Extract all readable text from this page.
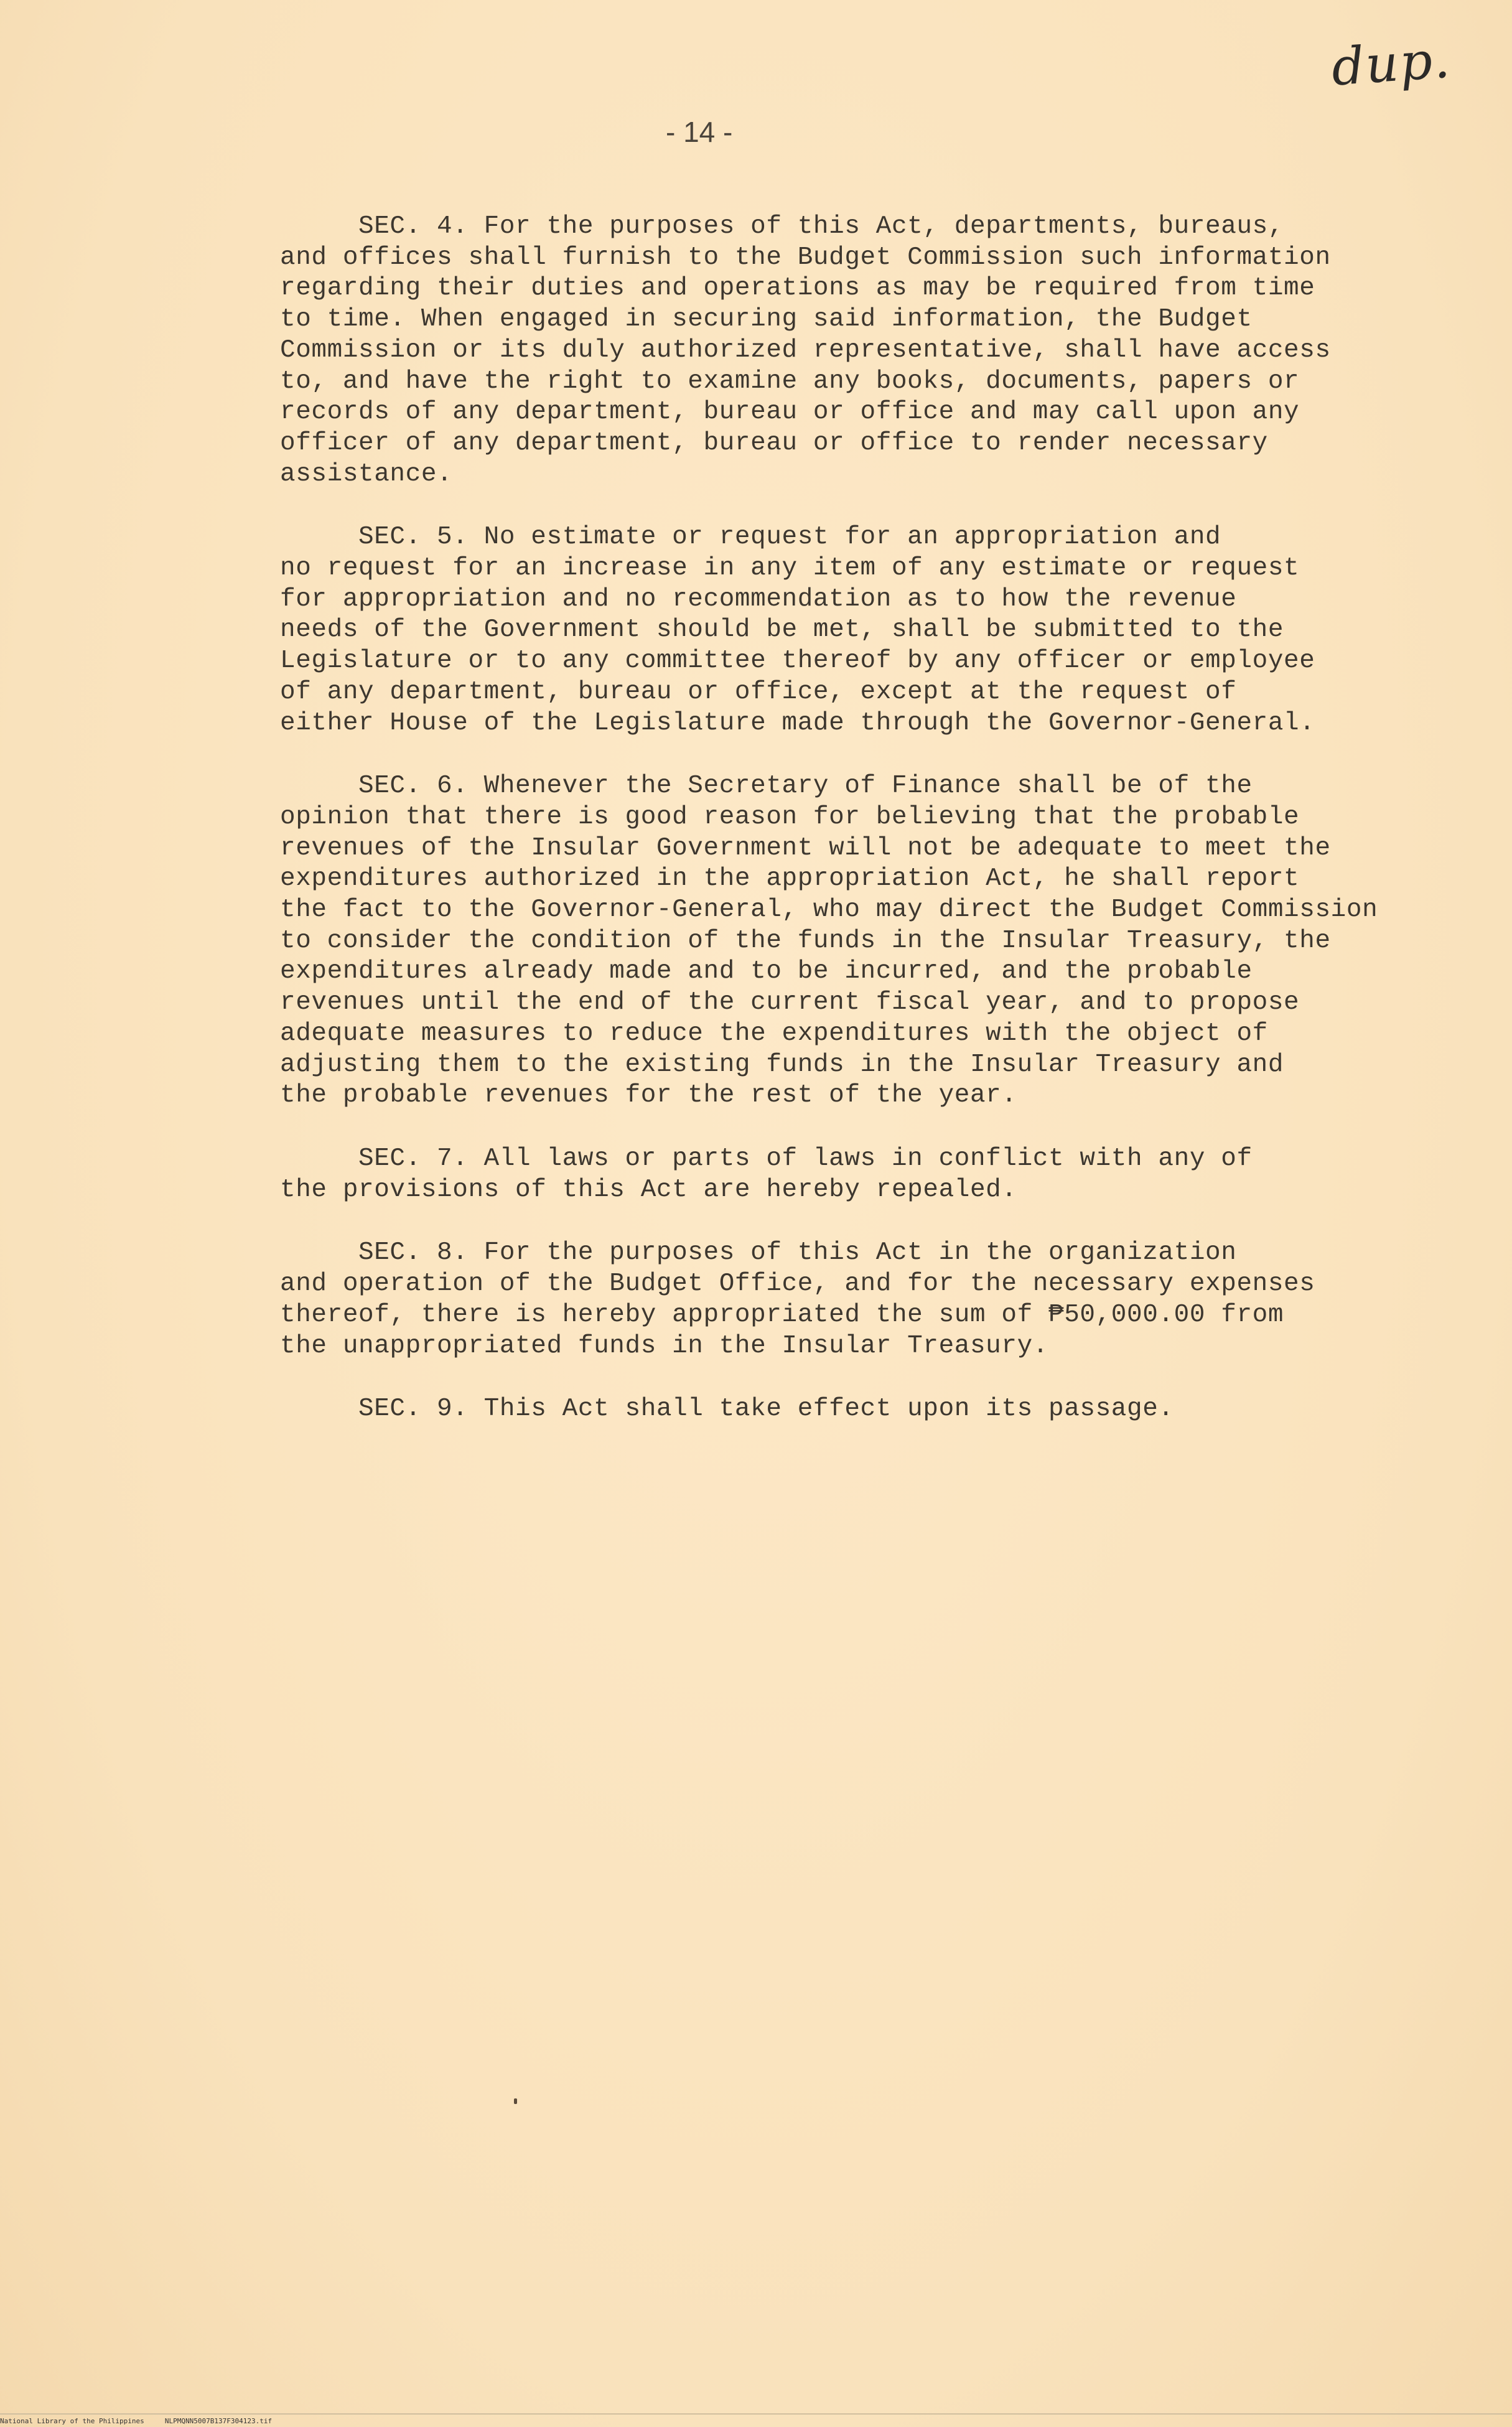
dup.
- 14 -
SEC. 4. For the purposes of this Act, departments, bureaus,
and offices shall furnish to the Budget Commission such information
regarding their duties and operations as may be required from time
to time. When engaged in securing said information, the Budget
Commission or its duly authorized representative, shall have access
to, and have the right to examine any books, documents, papers or
records of any department, bureau or office and may call upon any
officer of any department, bureau or office to render necessary
assistance.
SEC. 5. No estimate or request for an appropriation and
no request for an increase in any item of any estimate or request
for appropriation and no recommendation as to how the revenue
needs of the Government should be met, shall be submitted to the
Legislature or to any committee thereof by any officer or employee
of any department, bureau or office, except at the request of
either House of the Legislature made through the Governor-General.
SEC. 6. Whenever the Secretary of Finance shall be of the
opinion that there is good reason for believing that the probable
revenues of the Insular Government will not be adequate to meet the
expenditures authorized in the appropriation Act, he shall report
the fact to the Governor-General, who may direct the Budget Commission
to consider the condition of the funds in the Insular Treasury, the
expenditures already made and to be incurred, and the probable
revenues until the end of the current fiscal year, and to propose
adequate measures to reduce the expenditures with the object of
adjusting them to the existing funds in the Insular Treasury and
the probable revenues for the rest of the year.
SEC. 7. All laws or parts of laws in conflict with any of
the provisions of this Act are hereby repealed.
SEC. 8. For the purposes of this Act in the organization
and operation of the Budget Office, and for the necessary expenses
thereof, there is hereby appropriated the sum of ₱50,000.00 from
the unappropriated funds in the Insular Treasury.
SEC. 9. This Act shall take effect upon its passage.
National Library of the Philippines	NLPMQNN5007B137F304123.tif
